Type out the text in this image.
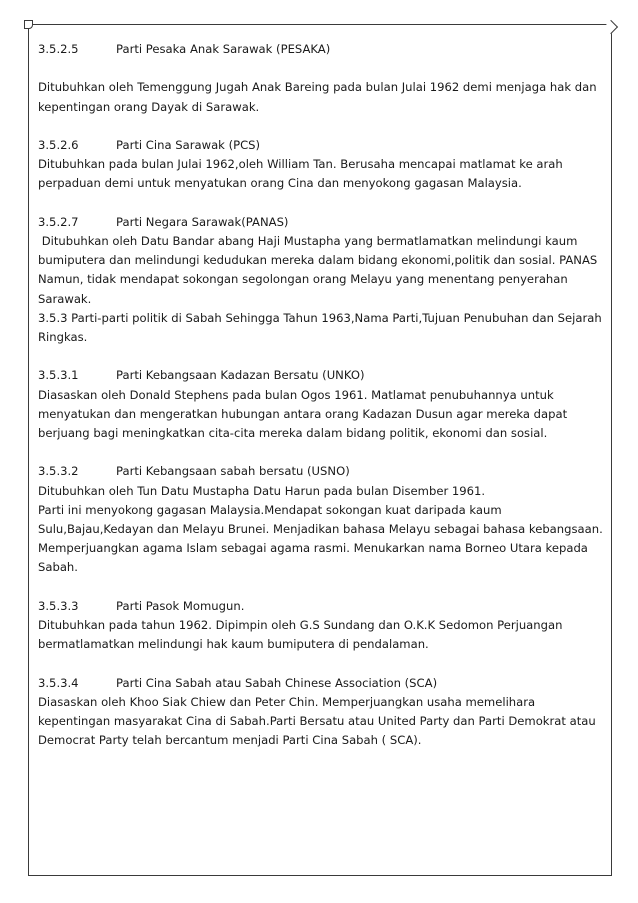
3.5.2.5	Parti Pesaka Anak Sarawak (PESAKA)

Ditubuhkan oleh Temenggung Jugah Anak Bareing pada bulan Julai 1962 demi menjaga hak dan kepentingan orang Dayak di Sarawak.

3.5.2.6	Parti Cina Sarawak (PCS)

Ditubuhkan pada bulan Julai 1962,oleh William Tan. Berusaha mencapai matlamat ke arah perpaduan demi untuk menyatukan orang Cina dan menyokong gagasan Malaysia.

3.5.2.7	Parti Negara Sarawak(PANAS)

Ditubuhkan oleh Datu Bandar abang Haji Mustapha yang bermatlamatkan melindungi kaum bumiputera dan melindungi kedudukan mereka dalam bidang ekonomi,politik dan sosial. PANAS Namun, tidak mendapat sokongan segolongan orang Melayu yang menentang penyerahan Sarawak.

3.5.3 Parti-parti politik di Sabah Sehingga Tahun 1963,Nama Parti,Tujuan Penubuhan dan Sejarah Ringkas.

3.5.3.1	Parti Kebangsaan Kadazan Bersatu (UNKO)

Diasaskan oleh Donald Stephens pada bulan Ogos 1961. Matlamat penubuhannya untuk menyatukan dan mengeratkan hubungan antara orang Kadazan Dusun agar mereka dapat berjuang bagi meningkatkan cita-cita mereka dalam bidang politik, ekonomi dan sosial.

3.5.3.2	Parti Kebangsaan sabah bersatu (USNO)

Ditubuhkan oleh Tun Datu Mustapha Datu Harun pada bulan Disember 1961.

Parti ini menyokong gagasan Malaysia.Mendapat sokongan kuat daripada kaum Sulu,Bajau,Kedayan dan Melayu Brunei. Menjadikan bahasa Melayu sebagai bahasa kebangsaan. Memperjuangkan agama Islam sebagai agama rasmi. Menukarkan nama Borneo Utara kepada Sabah.

3.5.3.3	Parti Pasok Momugun.

Ditubuhkan pada tahun 1962. Dipimpin oleh G.S Sundang dan O.K.K Sedomon Perjuangan bermatlamatkan melindungi hak kaum bumiputera di pendalaman.

3.5.3.4	Parti Cina Sabah atau Sabah Chinese Association (SCA)

Diasaskan oleh Khoo Siak Chiew dan Peter Chin. Memperjuangkan usaha memelihara kepentingan masyarakat Cina di Sabah.Parti Bersatu atau United Party dan Parti Demokrat atau Democrat Party telah bercantum menjadi Parti Cina Sabah ( SCA).
